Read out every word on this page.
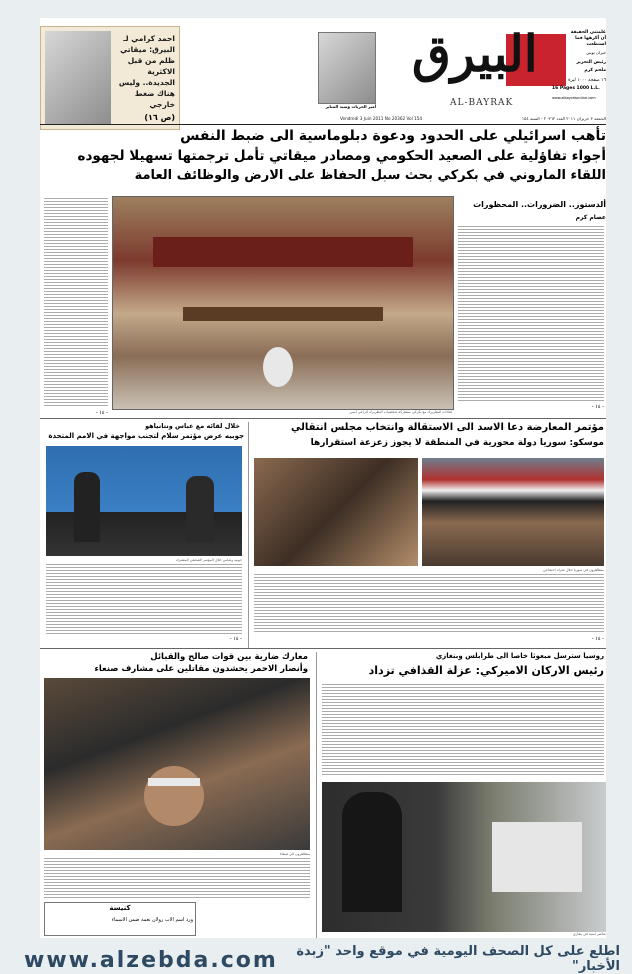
احمد كرامي لـ البيرق: ميقاتي ظلم من قبل الاكثرية الجديدة.. وليس هناك ضغط خارجي
(ص ١٦)
أمير الحريات وسيد المنابر
البيرق
AL-BAYRAK
علمتني الحقيقة أن أكرهها فما استطعت
جبران تويني
رئيس التحرير
ملحم كرم
١٦ صفحة ١٠٠٠ ليرة
16 Pages 1000 L.L.
www.albayrakonline.com
Vendredi 3 Juin 2011 No 20362 Vol 154	الجمعة ٣ حزيران ٢٠١١ العدد ٢٠٣٦٢ - السنة ١٥٤
تأهب اسرائيلي على الحدود ودعوة دبلوماسية الى ضبط النفس
أجواء تفاؤلية على الصعيد الحكومي ومصادر ميقاتي تأمل ترجمتها تسهيلا لجهوده
اللقاء الماروني في بكركي بحث سبل الحفاظ على الارض والوظائف العامة
- ١٤ -	لقاءات البطريرك مع بكركي بمشاركة شخصيات البطريرك الراعي أمس
ألدستور.. الضرورات.. المحظورات
عصام كرم
- ١٤ -
خلال لقائه مع عباس ونتانياهو
جوبيه عرض مؤتمر سلام لتجنب مواجهة في الامم المتحدة
جوبيه وعباس خلال المؤتمر الصحفي المشترك
- ١٤ -
مؤتمر المعارضة دعا الاسد الى الاستقالة وانتخاب مجلس انتقالي
موسكو: سوريا دولة محورية في المنطقة لا يجوز زعزعة استقرارها
متظاهرون في سوريا خلال تحرك احتجاجي
- ١٤ -
معارك ضارية بين قوات صالح والقبائل
وأنصار الاحمر يحشدون مقاتلين على مشارف صنعاء
متظاهرون في صنعاء
كنيسة
ورد اسم الاب رولان نعمة ضمن الاسماء
روسيا سترسل مبعوثا خاصا الى طرابلس وبنغازي
رئيس الاركان الاميركي: عزلة القذافي تزداد
عناصر امنية في بنغازي
www.alzebda.com	اطلع على كل الصحف اليومية في موقع واحد "زبدة الأخبار"
